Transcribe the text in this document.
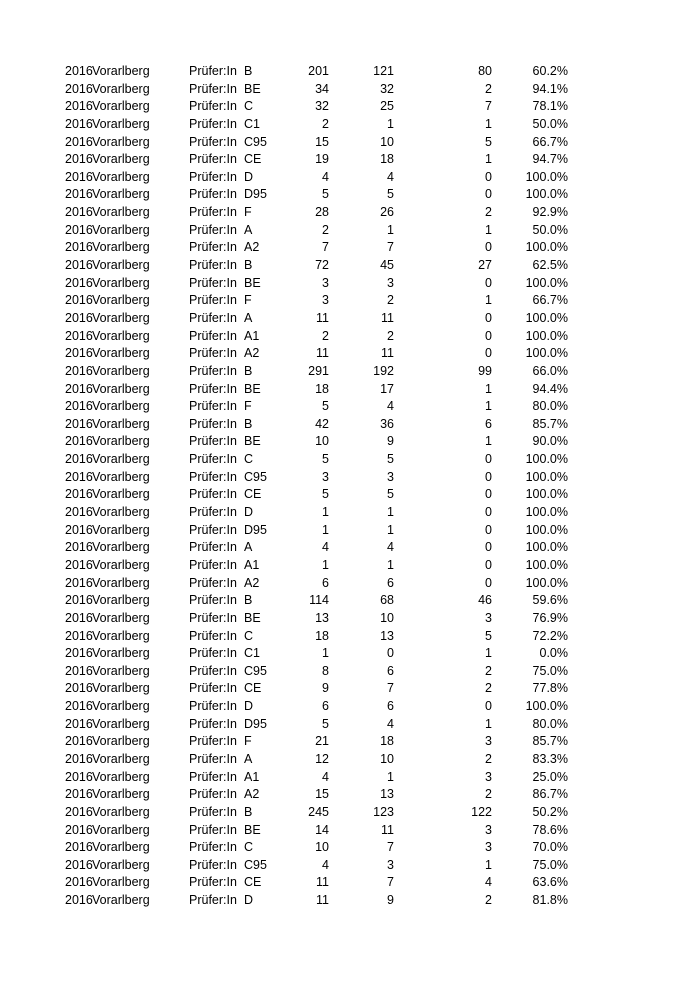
2016 Vorarlberg	Prüfer:In B	201	121	80	60.2%
2016 Vorarlberg	Prüfer:In BE	34	32	2	94.1%
2016 Vorarlberg	Prüfer:In C	32	25	7	78.1%
2016 Vorarlberg	Prüfer:In C1	2	1	1	50.0%
2016 Vorarlberg	Prüfer:In C95	15	10	5	66.7%
2016 Vorarlberg	Prüfer:In CE	19	18	1	94.7%
2016 Vorarlberg	Prüfer:In D	4	4	0	100.0%
2016 Vorarlberg	Prüfer:In D95	5	5	0	100.0%
2016 Vorarlberg	Prüfer:In F	28	26	2	92.9%
2016 Vorarlberg	Prüfer:In A	2	1	1	50.0%
2016 Vorarlberg	Prüfer:In A2	7	7	0	100.0%
2016 Vorarlberg	Prüfer:In B	72	45	27	62.5%
2016 Vorarlberg	Prüfer:In BE	3	3	0	100.0%
2016 Vorarlberg	Prüfer:In F	3	2	1	66.7%
2016 Vorarlberg	Prüfer:In A	11	11	0	100.0%
2016 Vorarlberg	Prüfer:In A1	2	2	0	100.0%
2016 Vorarlberg	Prüfer:In A2	11	11	0	100.0%
2016 Vorarlberg	Prüfer:In B	291	192	99	66.0%
2016 Vorarlberg	Prüfer:In BE	18	17	1	94.4%
2016 Vorarlberg	Prüfer:In F	5	4	1	80.0%
2016 Vorarlberg	Prüfer:In B	42	36	6	85.7%
2016 Vorarlberg	Prüfer:In BE	10	9	1	90.0%
2016 Vorarlberg	Prüfer:In C	5	5	0	100.0%
2016 Vorarlberg	Prüfer:In C95	3	3	0	100.0%
2016 Vorarlberg	Prüfer:In CE	5	5	0	100.0%
2016 Vorarlberg	Prüfer:In D	1	1	0	100.0%
2016 Vorarlberg	Prüfer:In D95	1	1	0	100.0%
2016 Vorarlberg	Prüfer:In A	4	4	0	100.0%
2016 Vorarlberg	Prüfer:In A1	1	1	0	100.0%
2016 Vorarlberg	Prüfer:In A2	6	6	0	100.0%
2016 Vorarlberg	Prüfer:In B	114	68	46	59.6%
2016 Vorarlberg	Prüfer:In BE	13	10	3	76.9%
2016 Vorarlberg	Prüfer:In C	18	13	5	72.2%
2016 Vorarlberg	Prüfer:In C1	1	0	1	0.0%
2016 Vorarlberg	Prüfer:In C95	8	6	2	75.0%
2016 Vorarlberg	Prüfer:In CE	9	7	2	77.8%
2016 Vorarlberg	Prüfer:In D	6	6	0	100.0%
2016 Vorarlberg	Prüfer:In D95	5	4	1	80.0%
2016 Vorarlberg	Prüfer:In F	21	18	3	85.7%
2016 Vorarlberg	Prüfer:In A	12	10	2	83.3%
2016 Vorarlberg	Prüfer:In A1	4	1	3	25.0%
2016 Vorarlberg	Prüfer:In A2	15	13	2	86.7%
2016 Vorarlberg	Prüfer:In B	245	123	122	50.2%
2016 Vorarlberg	Prüfer:In BE	14	11	3	78.6%
2016 Vorarlberg	Prüfer:In C	10	7	3	70.0%
2016 Vorarlberg	Prüfer:In C95	4	3	1	75.0%
2016 Vorarlberg	Prüfer:In CE	11	7	4	63.6%
2016 Vorarlberg	Prüfer:In D	11	9	2	81.8%
